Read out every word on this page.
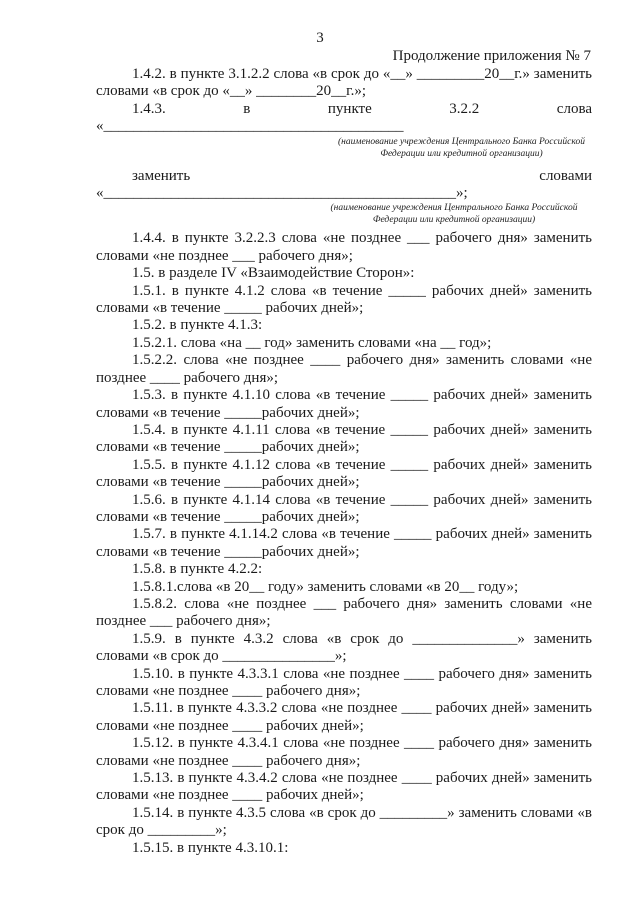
3
Продолжение приложения № 7

1.4.2. в пункте 3.1.2.2 слова «в срок до «__» _________20__г.» заменить словами «в срок до «__» ________20__г.»;

1.4.3. в пункте 3.2.2 слова «________________________________________

(наименование учреждения Центрального Банка Российской Федерации или кредитной организации)

заменить словами «_______________________________________________»;

(наименование учреждения Центрального Банка Российской Федерации или кредитной организации)

1.4.4. в пункте 3.2.2.3 слова «не позднее ___ рабочего дня» заменить словами «не позднее ___ рабочего дня»;

1.5. в разделе IV «Взаимодействие Сторон»:

1.5.1. в пункте 4.1.2 слова «в течение _____ рабочих дней» заменить словами «в течение _____ рабочих дней»;

1.5.2. в пункте 4.1.3:

1.5.2.1. слова «на __ год» заменить словами «на __ год»;

1.5.2.2. слова «не позднее ____ рабочего дня» заменить словами «не позднее ____ рабочего дня»;

1.5.3. в пункте 4.1.10 слова «в течение _____ рабочих дней» заменить словами «в течение _____рабочих дней»;

1.5.4. в пункте 4.1.11 слова «в течение _____ рабочих дней» заменить словами «в течение _____рабочих дней»;

1.5.5. в пункте 4.1.12 слова «в течение _____ рабочих дней» заменить словами «в течение _____рабочих дней»;

1.5.6. в пункте 4.1.14 слова «в течение _____ рабочих дней» заменить словами «в течение _____рабочих дней»;

1.5.7. в пункте 4.1.14.2 слова «в течение _____ рабочих дней» заменить словами «в течение _____рабочих дней»;

1.5.8. в пункте 4.2.2:

1.5.8.1.слова «в 20__ году» заменить словами «в 20__ году»;

1.5.8.2. слова «не позднее ___ рабочего дня» заменить словами «не позднее ___ рабочего дня»;

1.5.9. в пункте 4.3.2 слова «в срок до ______________» заменить словами «в срок до _______________»;

1.5.10. в пункте 4.3.3.1 слова «не позднее ____ рабочего дня» заменить словами «не позднее ____ рабочего дня»;

1.5.11. в пункте 4.3.3.2 слова «не позднее ____ рабочих дней» заменить словами «не позднее ____ рабочих дней»;

1.5.12. в пункте 4.3.4.1 слова «не позднее ____ рабочего дня» заменить словами «не позднее ____ рабочего дня»;

1.5.13. в пункте 4.3.4.2 слова «не позднее ____ рабочих дней» заменить словами «не позднее ____ рабочих дней»;

1.5.14. в пункте 4.3.5 слова «в срок до _________» заменить словами «в срок до _________»;

1.5.15. в пункте 4.3.10.1:
